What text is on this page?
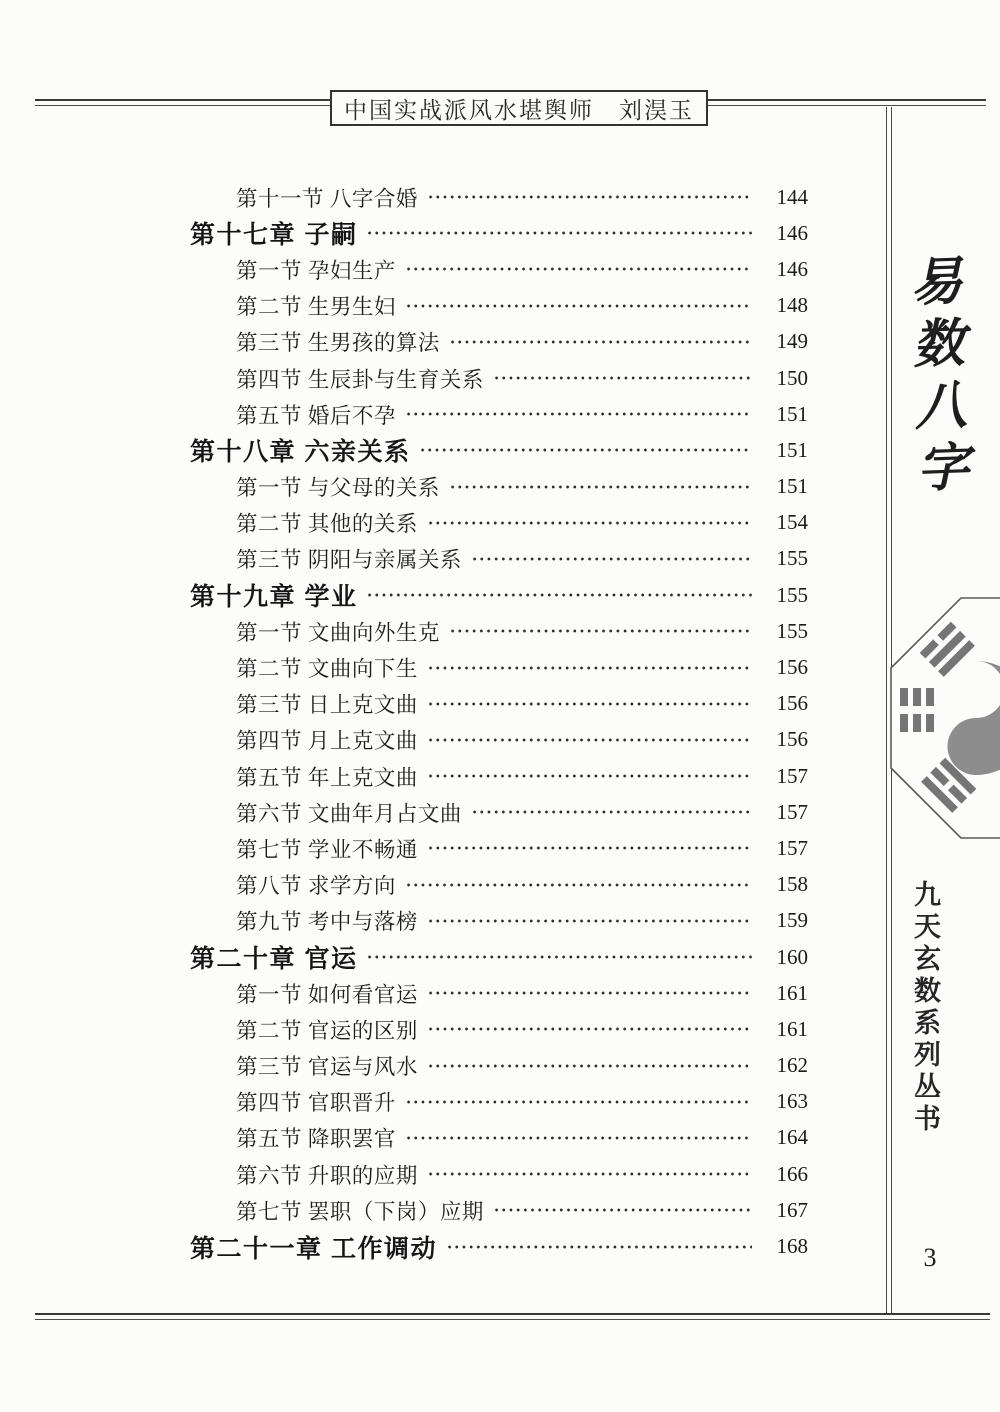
中国实战派风水堪舆师　刘淏玉
第十一节 八字合婚	144
第十七章 子嗣	146
第一节 孕妇生产	146
第二节 生男生妇	148
第三节 生男孩的算法	149
第四节 生辰卦与生育关系	150
第五节 婚后不孕	151
第十八章 六亲关系	151
第一节 与父母的关系	151
第二节 其他的关系	154
第三节 阴阳与亲属关系	155
第十九章 学业	155
第一节 文曲向外生克	155
第二节 文曲向下生	156
第三节 日上克文曲	156
第四节 月上克文曲	156
第五节 年上克文曲	157
第六节 文曲年月占文曲	157
第七节 学业不畅通	157
第八节 求学方向	158
第九节 考中与落榜	159
第二十章 官运	160
第一节 如何看官运	161
第二节 官运的区别	161
第三节 官运与风水	162
第四节 官职晋升	163
第五节 降职罢官	164
第六节 升职的应期	166
第七节 罢职（下岗）应期	167
第二十一章 工作调动	168
易数八字
九天玄数系列丛书
3
